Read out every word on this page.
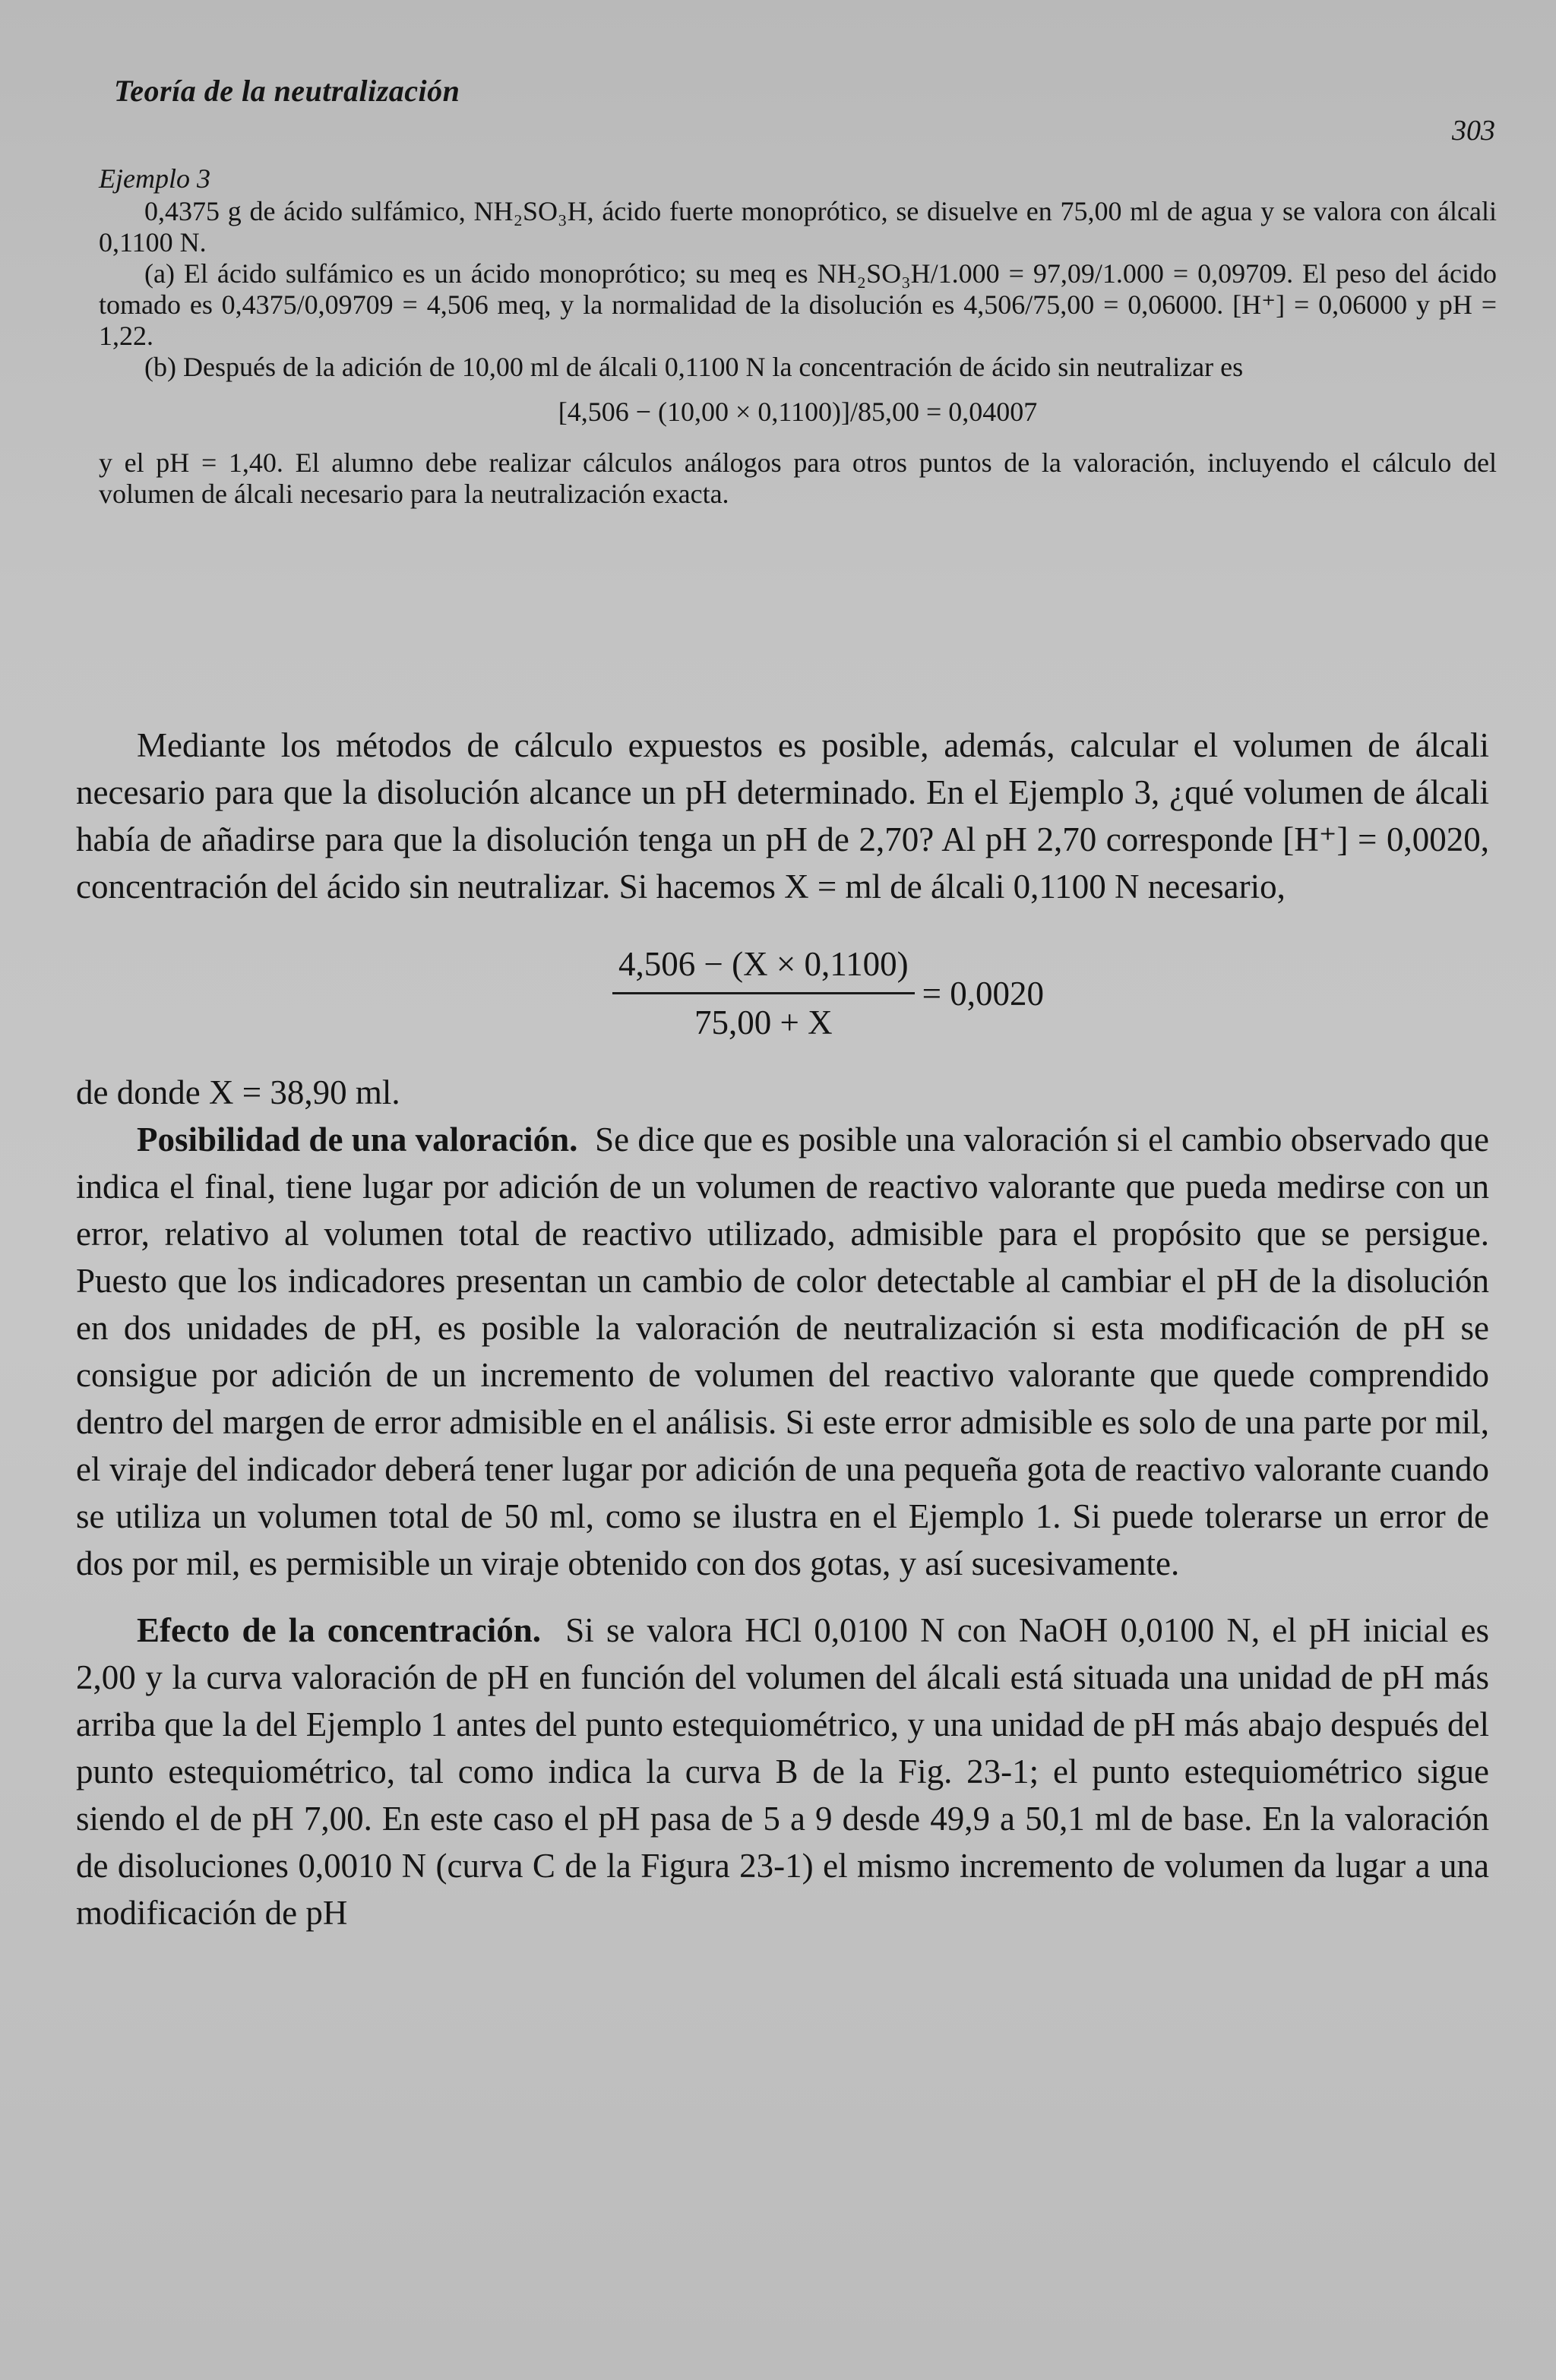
Teoría de la neutralización
303
Ejemplo 3

0,4375 g de ácido sulfámico, NH₂SO₃H, ácido fuerte monoprótico, se disuelve en 75,00 ml de agua y se valora con álcali 0,1100 N.

(a) El ácido sulfámico es un ácido monoprótico; su meq es NH₂SO₃H/1.000 = 97,09/1.000 = 0,09709. El peso del ácido tomado es 0,4375/0,09709 = 4,506 meq, y la normalidad de la disolución es 4,506/75,00 = 0,06000. [H⁺] = 0,06000 y pH = 1,22.

(b) Después de la adición de 10,00 ml de álcali 0,1100 N la concentración de ácido sin neutralizar es

[4,506 − (10,00 × 0,1100)]/85,00 = 0,04007

y el pH = 1,40. El alumno debe realizar cálculos análogos para otros puntos de la valoración, incluyendo el cálculo del volumen de álcali necesario para la neutralización exacta.

Mediante los métodos de cálculo expuestos es posible, además, calcular el volumen de álcali necesario para que la disolución alcance un pH determinado. En el Ejemplo 3, ¿qué volumen de álcali había de añadirse para que la disolución tenga un pH de 2,70? Al pH 2,70 corresponde [H⁺] = 0,0020, concentración del ácido sin neutralizar. Si hacemos X = ml de álcali 0,1100 N necesario,

$\frac{4,506 - (X \times 0,1100)}{75,00 + X} = 0,0020$

de donde X = 38,90 ml.

Posibilidad de una valoración. Se dice que es posible una valoración si el cambio observado que indica el final, tiene lugar por adición de un volumen de reactivo valorante que pueda medirse con un error, relativo al volumen total de reactivo utilizado, admisible para el propósito que se persigue. Puesto que los indicadores presentan un cambio de color detectable al cambiar el pH de la disolución en dos unidades de pH, es posible la valoración de neutralización si esta modificación de pH se consigue por adición de un incremento de volumen del reactivo valorante que quede comprendido dentro del margen de error admisible en el análisis. Si este error admisible es solo de una parte por mil, el viraje del indicador deberá tener lugar por adición de una pequeña gota de reactivo valorante cuando se utiliza un volumen total de 50 ml, como se ilustra en el Ejemplo 1. Si puede tolerarse un error de dos por mil, es permisible un viraje obtenido con dos gotas, y así sucesivamente.

Efecto de la concentración. Si se valora HCl 0,0100 N con NaOH 0,0100 N, el pH inicial es 2,00 y la curva valoración de pH en función del volumen del álcali está situada una unidad de pH más arriba que la del Ejemplo 1 antes del punto estequiométrico, y una unidad de pH más abajo después del punto estequiométrico, tal como indica la curva B de la Fig. 23-1; el punto estequiométrico sigue siendo el de pH 7,00. En este caso el pH pasa de 5 a 9 desde 49,9 a 50,1 ml de base. En la valoración de disoluciones 0,0010 N (curva C de la Figura 23-1) el mismo incremento de volumen da lugar a una modificación de pH
